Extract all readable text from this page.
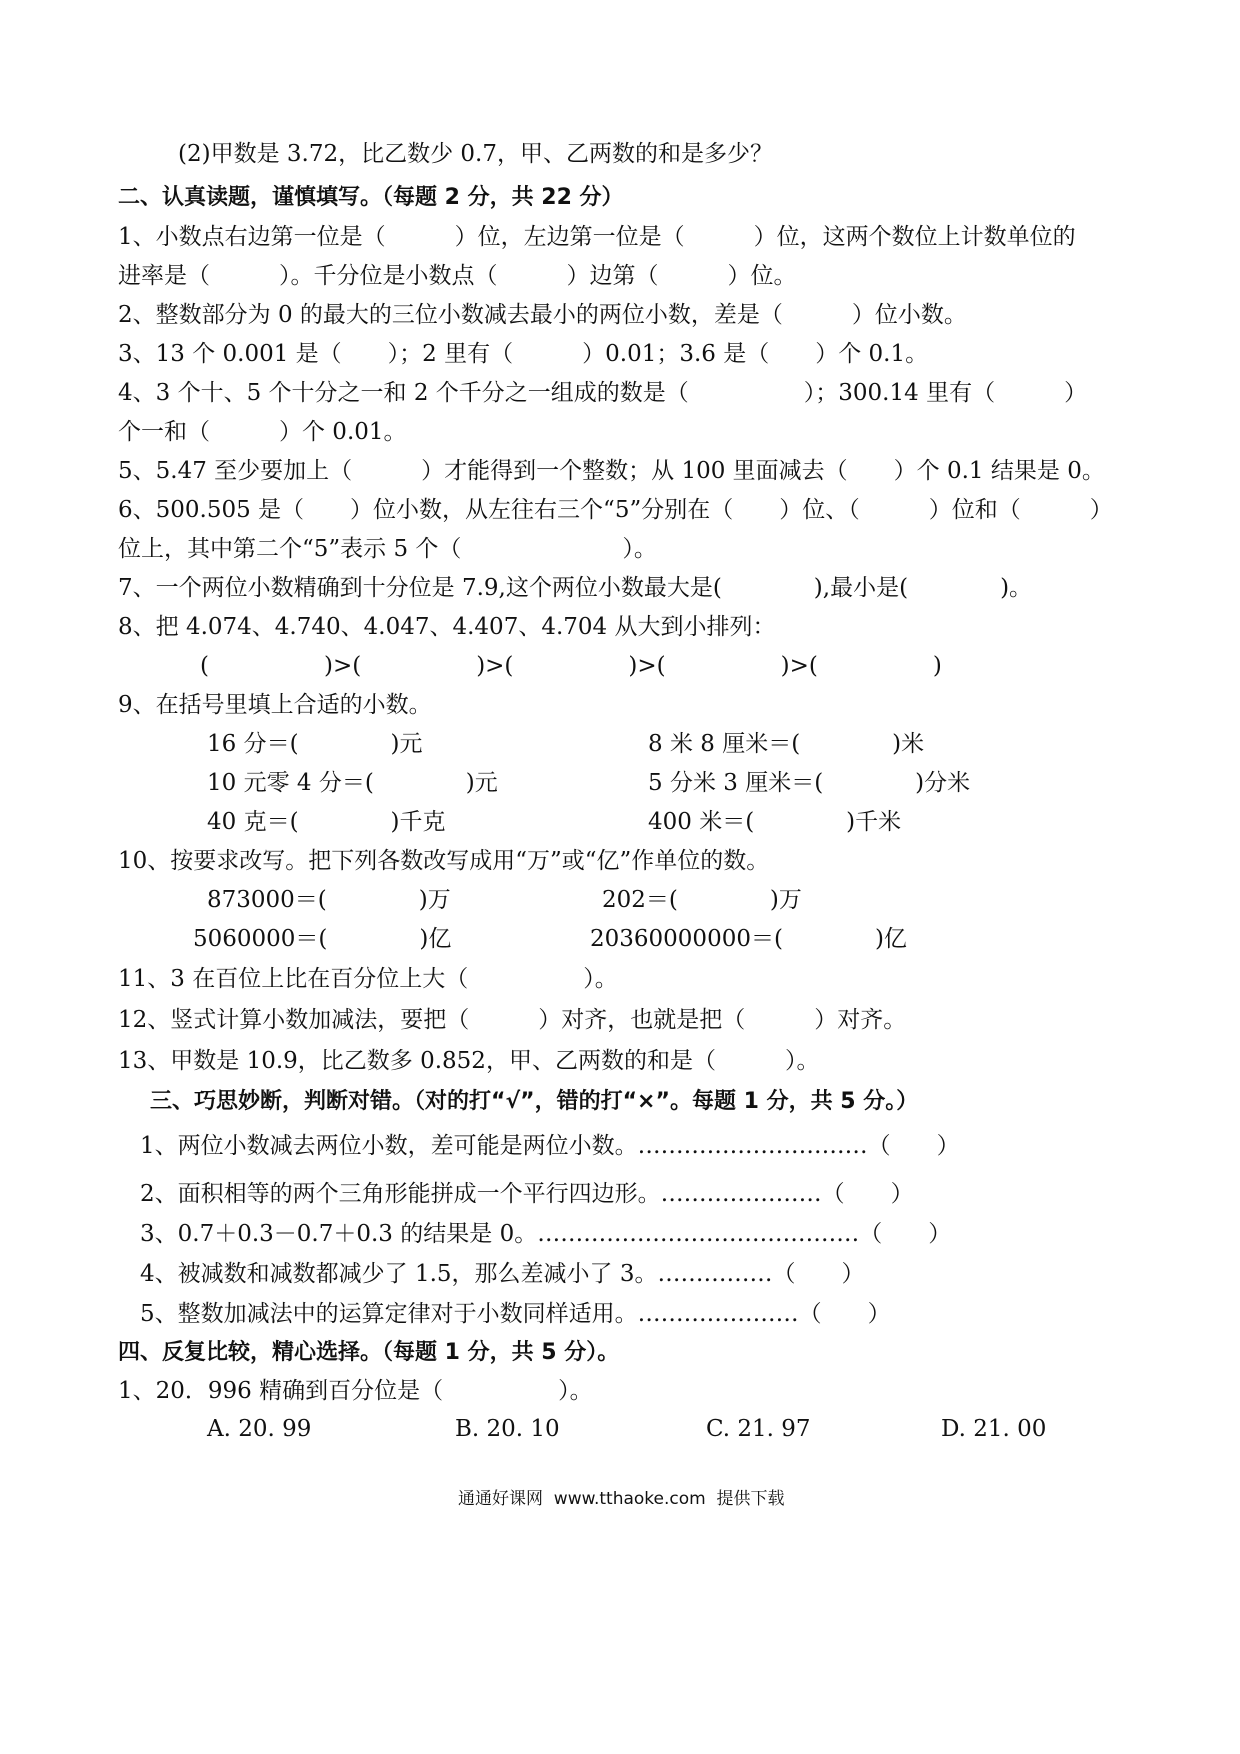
(2)甲数是 3.72，比乙数少 0.7，甲、乙两数的和是多少？
二、认真读题，谨慎填写。（每题 2 分，共 22 分）
1、小数点右边第一位是（　　　）位，左边第一位是（　　　）位，这两个数位上计数单位的
进率是（　　　）。千分位是小数点（　　　）边第（　　　）位。
2、整数部分为 0 的最大的三位小数减去最小的两位小数，差是（　　　）位小数。
3、13 个 0.001 是（　　）；2 里有（　　　）0.01；3.6 是（　　）个 0.1。
4、3 个十、5 个十分之一和 2 个千分之一组成的数是（　　　　　）；300.14 里有（　　　）
个一和（　　　）个 0.01。
5、5.47 至少要加上（　　　）才能得到一个整数；从 100 里面减去（　　）个 0.1 结果是 0。
6、500.505 是（　　）位小数，从左往右三个“5”分别在（　　）位、（　　　）位和（　　　）
位上，其中第二个“5”表示 5 个（　　　　　　　）。
7、一个两位小数精确到十分位是 7.9,这个两位小数最大是(　　　　),最小是(　　　　)。
8、把 4.074、4.740、4.047、4.407、4.704 从大到小排列：
(　　　　　)>(　　　　　)>(　　　　　)>(　　　　　)>(　　　　　)
9、在括号里填上合适的小数。
16 分＝(　　　　)元	8 米 8 厘米＝(　　　　)米
10 元零 4 分＝(　　　　)元	5 分米 3 厘米＝(　　　　)分米
40 克＝(　　　　)千克	400 米＝(　　　　)千米
10、按要求改写。把下列各数改写成用“万”或“亿”作单位的数。
873000＝(　　　　)万	202＝(　　　　)万
5060000＝(　　　　)亿	20360000000＝(　　　　)亿
11、3 在百位上比在百分位上大（　　　　　）。
12、竖式计算小数加减法，要把（　　　）对齐，也就是把（　　　）对齐。
13、甲数是 10.9，比乙数多 0.852，甲、乙两数的和是（　　　）。
三、巧思妙断，判断对错。（对的打“√”，错的打“×”。每题 1 分，共 5 分。）
1、两位小数减去两位小数，差可能是两位小数。…………………………（　　）
2、面积相等的两个三角形能拼成一个平行四边形。…………………（　　）
3、0.7＋0.3－0.7＋0.3 的结果是 0。……………………………………（　　）
4、被减数和减数都减少了 1.5，那么差减小了 3。……………（　　）
5、整数加减法中的运算定律对于小数同样适用。…………………（　　）
四、反复比较，精心选择。（每题 1 分，共 5 分）。
1、20．996 精确到百分位是（　　　　　）。
A. 20. 99	B. 20. 10	C. 21. 97	D. 21. 00
通通好课网  www.tthaoke.com  提供下载
